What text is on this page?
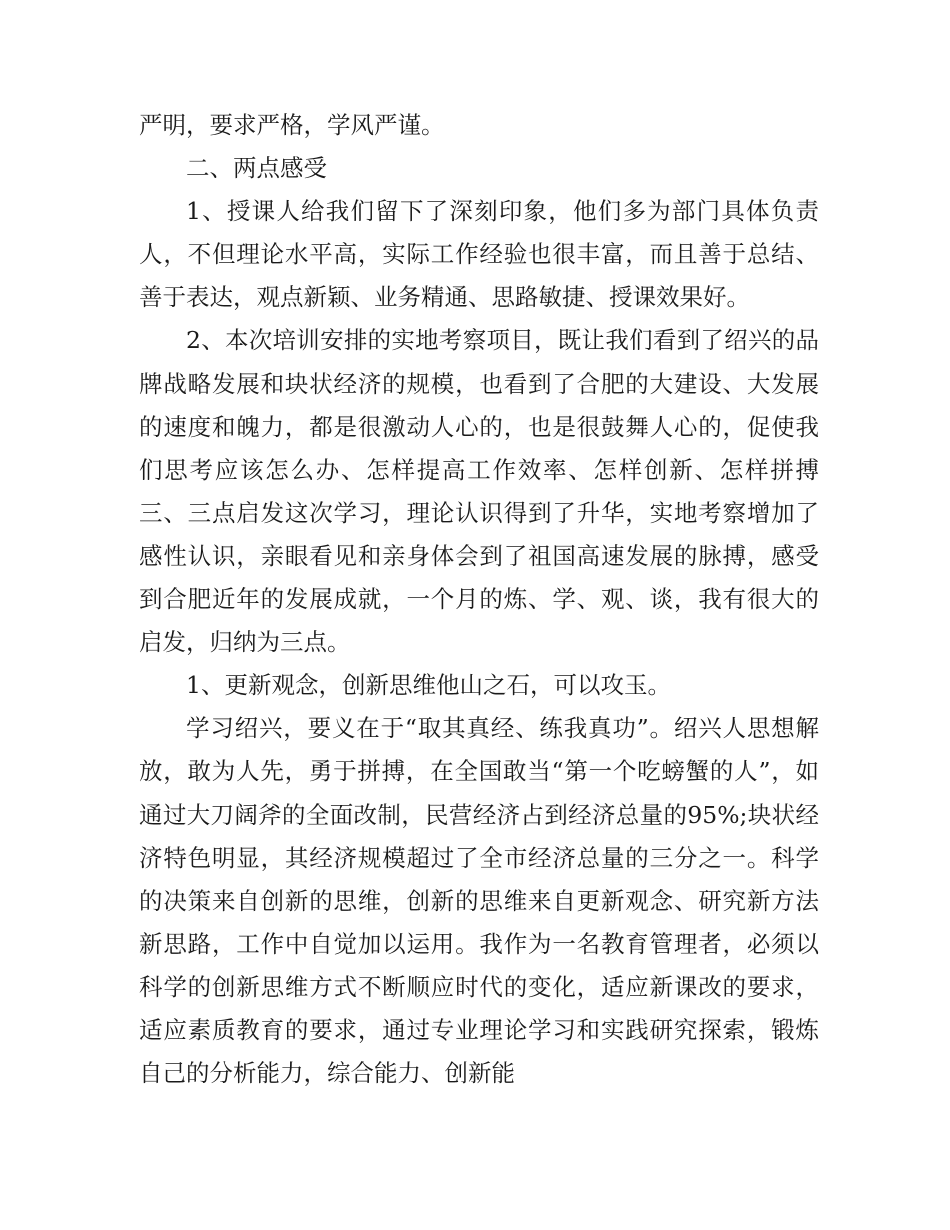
严明，要求严格，学风严谨。

二、两点感受

1、授课人给我们留下了深刻印象，他们多为部门具体负责人，不但理论水平高，实际工作经验也很丰富，而且善于总结、善于表达，观点新颖、业务精通、思路敏捷、授课效果好。

2、本次培训安排的实地考察项目，既让我们看到了绍兴的品牌战略发展和块状经济的规模，也看到了合肥的大建设、大发展的速度和魄力，都是很激动人心的，也是很鼓舞人心的，促使我们思考应该怎么办、怎样提高工作效率、怎样创新、怎样拼搏三、三点启发这次学习，理论认识得到了升华，实地考察增加了感性认识，亲眼看见和亲身体会到了祖国高速发展的脉搏，感受到合肥近年的发展成就，一个月的炼、学、观、谈，我有很大的启发，归纳为三点。

1、更新观念，创新思维他山之石，可以攻玉。

学习绍兴，要义在于“取其真经、练我真功”。绍兴人思想解放，敢为人先，勇于拼搏，在全国敢当“第一个吃螃蟹的人”，如通过大刀阔斧的全面改制，民营经济占到经济总量的95%;块状经济特色明显，其经济规模超过了全市经济总量的三分之一。科学的决策来自创新的思维，创新的思维来自更新观念、研究新方法新思路，工作中自觉加以运用。我作为一名教育管理者，必须以科学的创新思维方式不断顺应时代的变化，适应新课改的要求，适应素质教育的要求，通过专业理论学习和实践研究探索，锻炼自己的分析能力，综合能力、创新能
